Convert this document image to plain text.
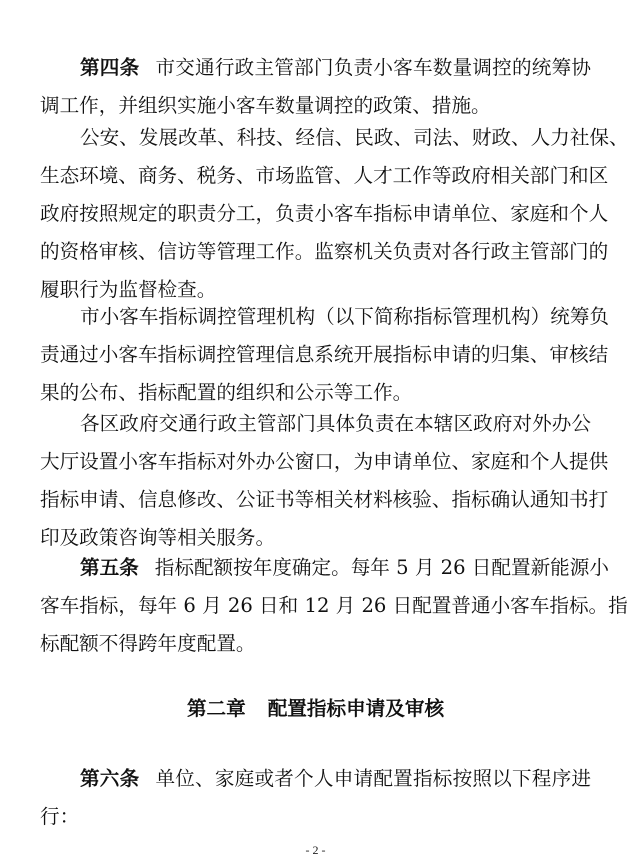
第四条 市交通行政主管部门负责小客车数量调控的统筹协
调工作，并组织实施小客车数量调控的政策、措施。
公安、发展改革、科技、经信、民政、司法、财政、人力社保、
生态环境、商务、税务、市场监管、人才工作等政府相关部门和区
政府按照规定的职责分工，负责小客车指标申请单位、家庭和个人
的资格审核、信访等管理工作。监察机关负责对各行政主管部门的
履职行为监督检查。
市小客车指标调控管理机构（以下简称指标管理机构）统筹负
责通过小客车指标调控管理信息系统开展指标申请的归集、审核结
果的公布、指标配置的组织和公示等工作。
各区政府交通行政主管部门具体负责在本辖区政府对外办公
大厅设置小客车指标对外办公窗口，为申请单位、家庭和个人提供
指标申请、信息修改、公证书等相关材料核验、指标确认通知书打
印及政策咨询等相关服务。
第五条 指标配额按年度确定。每年 5 月 26 日配置新能源小
客车指标，每年 6 月 26 日和 12 月 26 日配置普通小客车指标。指
标配额不得跨年度配置。
第二章 配置指标申请及审核
第六条 单位、家庭或者个人申请配置指标按照以下程序进
行：
- 2 -
